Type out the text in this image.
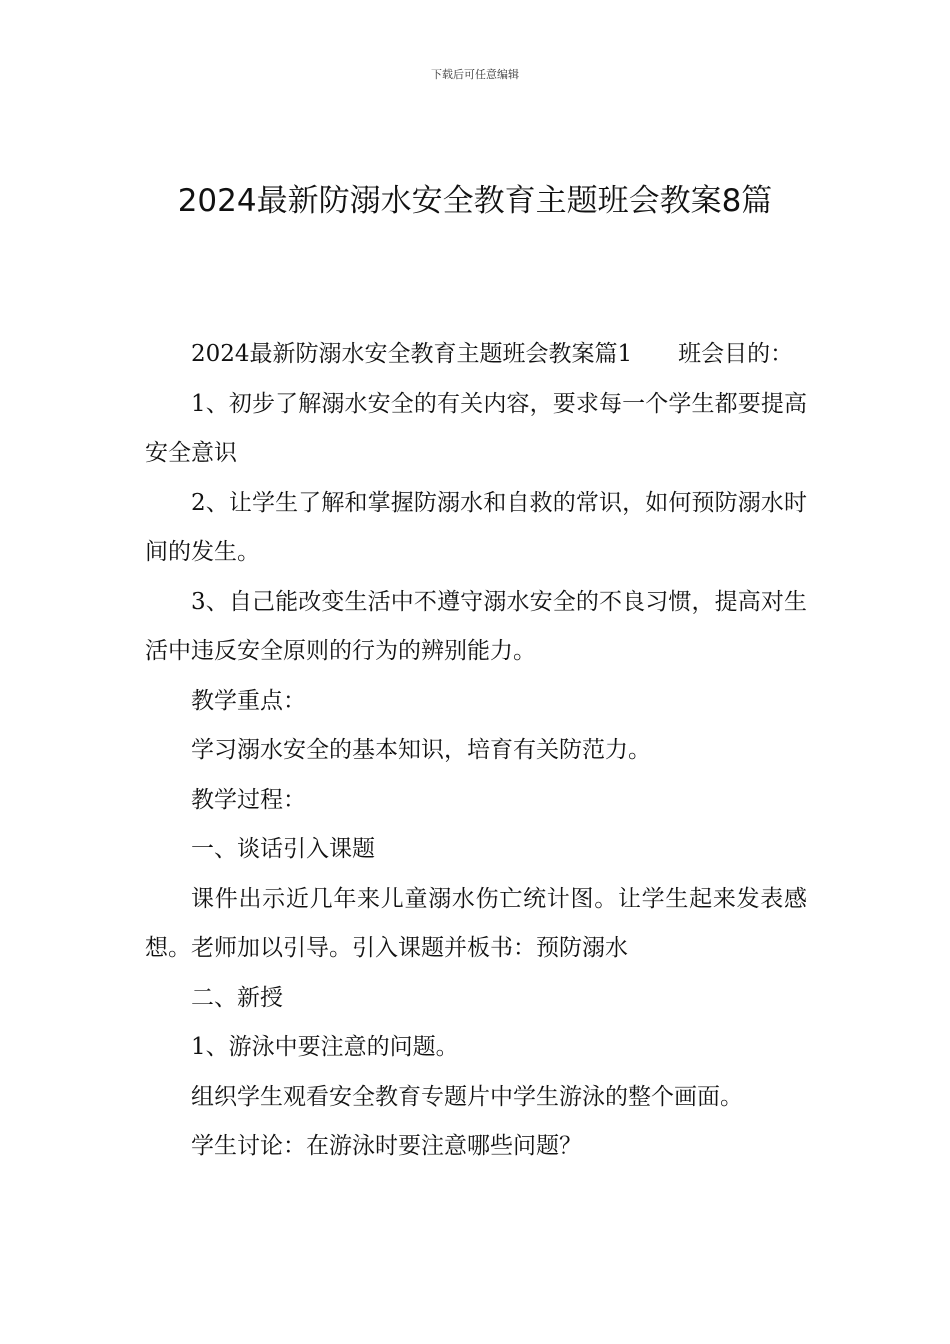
下载后可任意编辑
2024最新防溺水安全教育主题班会教案8篇

2024最新防溺水安全教育主题班会教案篇1 班会目的：

1、初步了解溺水安全的有关内容，要求每一个学生都要提高安全意识

2、让学生了解和掌握防溺水和自救的常识，如何预防溺水时间的发生。

3、自己能改变生活中不遵守溺水安全的不良习惯，提高对生活中违反安全原则的行为的辨别能力。

教学重点：

学习溺水安全的基本知识，培育有关防范力。

教学过程：

一、谈话引入课题

课件出示近几年来儿童溺水伤亡统计图。让学生起来发表感想。老师加以引导。引入课题并板书：预防溺水

二、新授

1、游泳中要注意的问题。

组织学生观看安全教育专题片中学生游泳的整个画面。

学生讨论：在游泳时要注意哪些问题？
